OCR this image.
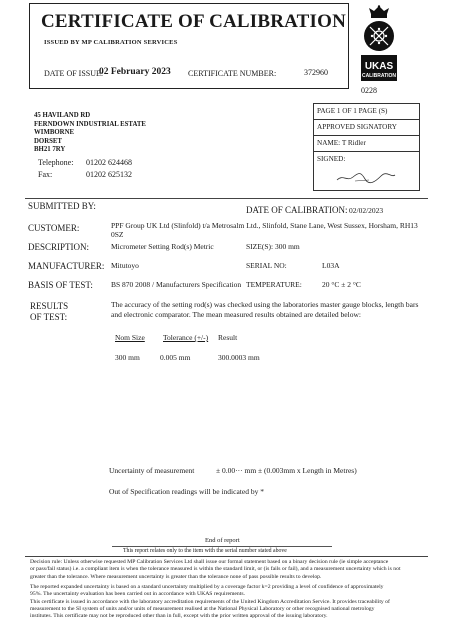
CERTIFICATE OF CALIBRATION
ISSUED BY MP CALIBRATION SERVICES
DATE OF ISSUE:
02 February 2023 CERTIFICATE NUMBER:	372960
UKAS
CALIBRATION
0228
45 HAVILAND RD
FERNDOWN INDUSTRIAL ESTATE
WIMBORNE
DORSET
BH21 7RY
Telephone: 01202 624468
Fax:	01202 625132
PAGE 1 OF 1 PAGE (S)
APPROVED SIGNATORY
NAME: T Ridler
SIGNED:
SUBMITTED BY:	DATE OF CALIBRATION: 02/02/2023
CUSTOMER:	PPF Group UK Ltd (Slinfold) t/a Metrosalm Ltd., Slinfold, Stane Lane, West Sussex, Horsham, RH13 0SZ
DESCRIPTION:	Micrometer Setting Rod(s) Metric	SIZE(S): 300 mm
MANUFACTURER: Mitutoyo	SERIAL NO:	L03A
BASIS OF TEST: BS 870 2008 / Manufacturers Specification TEMPERATURE:	20 °C ± 2 °C
RESULTS
OF TEST:
The accuracy of the setting rod(s) was checked using the laboratories master gauge blocks, length bars and electronic comparator. The mean measured results obtained are detailed below:
Nom Size Tolerance (+/-) Result
300 mm	0.005 mm	300.0003 mm
Uncertainty of measurement	± 0.00··· mm ± (0.003mm x Length in Metres)
Out of Specification readings will be indicated by *
End of report
This report relates only to the item with the serial number stated above
Decision rule: Unless otherwise requested MP Calibration Services Ltd shall issue our formal statement based on a binary decision rule (ie simple acceptance
or pass/fail status) i.e. a compliant item is when the tolerance measured is within the standard limit, or (is fails or fail), and a measurement uncertainty which is not
greater than the tolerance. Where measurement uncertainty is greater than the tolerance none of pass possible results to develop.
The reported expanded uncertainty is based on a standard uncertainty multiplied by a coverage factor k=2 providing a level of confidence of approximately
95%. The uncertainty evaluation has been carried out in accordance with UKAS requirements.
This certificate is issued in accordance with the laboratory accreditation requirements of the United Kingdom Accreditation Service. It provides traceability of
measurement to the SI system of units and/or units of measurement realised at the National Physical Laboratory or other recognised national metrology
institutes. This certificate may not be reproduced other than in full, except with the prior written approval of the issuing laboratory.
